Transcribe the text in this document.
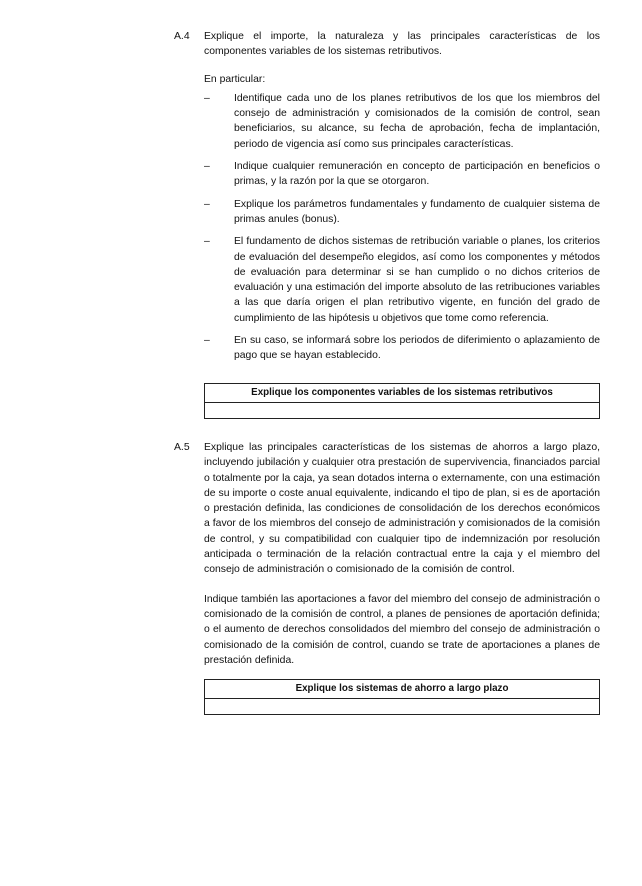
A.4	Explique el importe, la naturaleza y las principales características de los componentes variables de los sistemas retributivos.

En particular:

–	Identifique cada uno de los planes retributivos de los que los miembros del consejo de administración y comisionados de la comisión de control, sean beneficiarios, su alcance, su fecha de aprobación, fecha de implantación, periodo de vigencia así como sus principales características.
–	Indique cualquier remuneración en concepto de participación en beneficios o primas, y la razón por la que se otorgaron.
–	Explique los parámetros fundamentales y fundamento de cualquier sistema de primas anules (bonus).
–	El fundamento de dichos sistemas de retribución variable o planes, los criterios de evaluación del desempeño elegidos, así como los componentes y métodos de evaluación para determinar si se han cumplido o no dichos criterios de evaluación y una estimación del importe absoluto de las retribuciones variables a las que daría origen el plan retributivo vigente, en función del grado de cumplimiento de las hipótesis u objetivos que tome como referencia.
–	En su caso, se informará sobre los periodos de diferimiento o aplazamiento de pago que se hayan establecido.
Explique los componentes variables de los sistemas retributivos
A.5	Explique las principales características de los sistemas de ahorros a largo plazo, incluyendo jubilación y cualquier otra prestación de supervivencia, financiados parcial o totalmente por la caja, ya sean dotados interna o externamente, con una estimación de su importe o coste anual equivalente, indicando el tipo de plan, si es de aportación o prestación definida, las condiciones de consolidación de los derechos económicos a favor de los miembros del consejo de administración y comisionados de la comisión de control, y su compatibilidad con cualquier tipo de indemnización por resolución anticipada o terminación de la relación contractual entre la caja y el miembro del consejo de administración o comisionado de la comisión de control.

Indique también las aportaciones a favor del miembro del consejo de administración o comisionado de la comisión de control, a planes de pensiones de aportación definida; o el aumento de derechos consolidados del miembro del consejo de administración o comisionado de la comisión de control, cuando se trate de aportaciones a planes de prestación definida.

Explique los sistemas de ahorro a largo plazo
